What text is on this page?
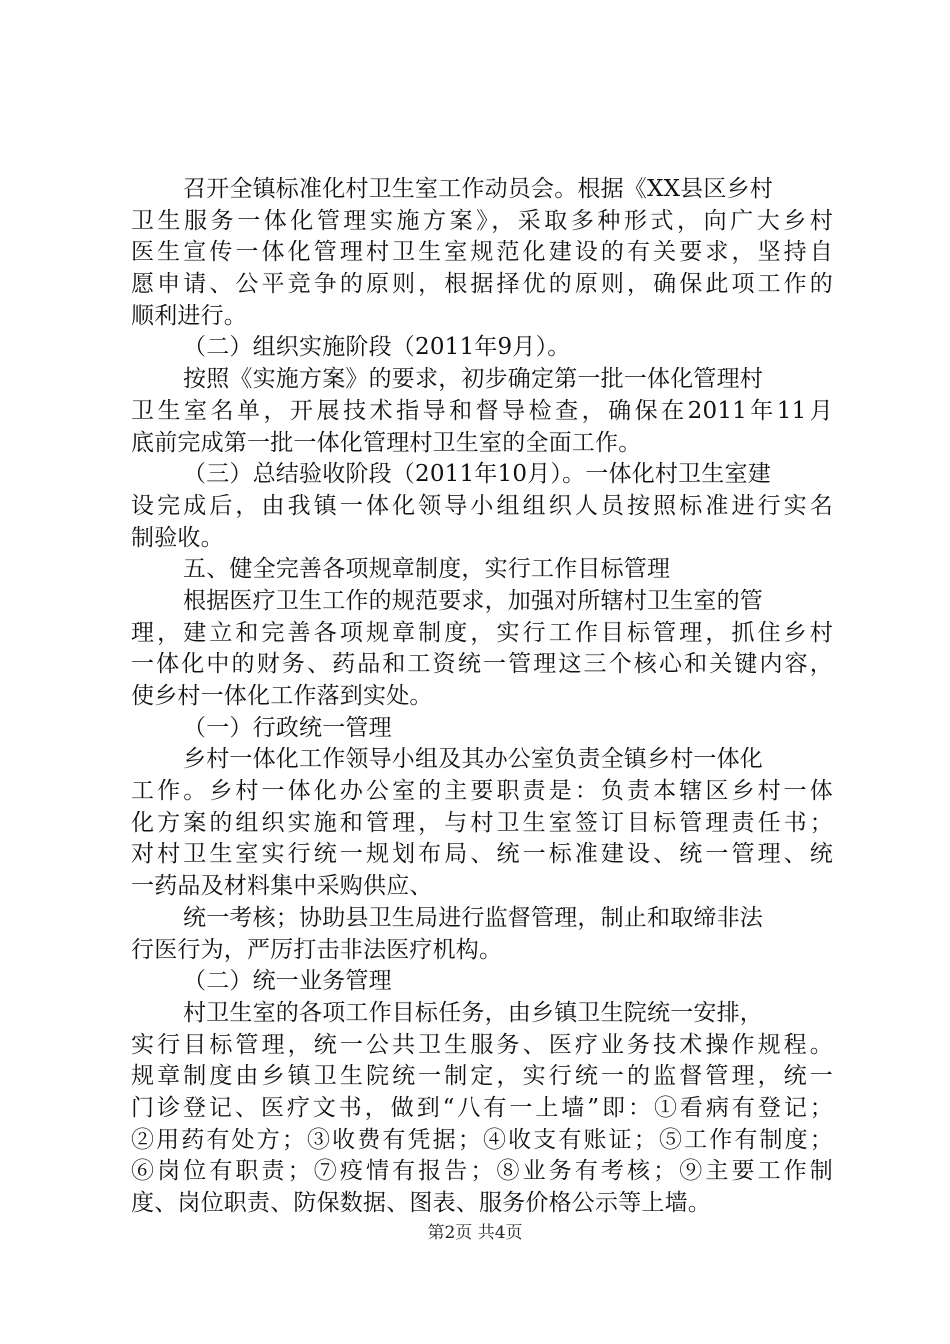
召开全镇标准化村卫生室工作动员会。根据《XX县区乡村
卫生服务一体化管理实施方案》，采取多种形式，向广大乡村
医生宣传一体化管理村卫生室规范化建设的有关要求，坚持自
愿申请、公平竞争的原则，根据择优的原则，确保此项工作的
顺利进行。
（二）组织实施阶段（2011年9月）。
按照《实施方案》的要求，初步确定第一批一体化管理村
卫生室名单，开展技术指导和督导检查，确保在2011年11月
底前完成第一批一体化管理村卫生室的全面工作。
（三）总结验收阶段（2011年10月）。一体化村卫生室建
设完成后，由我镇一体化领导小组组织人员按照标准进行实名
制验收。
五、健全完善各项规章制度，实行工作目标管理
根据医疗卫生工作的规范要求，加强对所辖村卫生室的管
理，建立和完善各项规章制度，实行工作目标管理，抓住乡村
一体化中的财务、药品和工资统一管理这三个核心和关键内容，
使乡村一体化工作落到实处。
（一）行政统一管理
乡村一体化工作领导小组及其办公室负责全镇乡村一体化
工作。乡村一体化办公室的主要职责是：负责本辖区乡村一体
化方案的组织实施和管理，与村卫生室签订目标管理责任书；
对村卫生室实行统一规划布局、统一标准建设、统一管理、统
一药品及材料集中采购供应、
统一考核；协助县卫生局进行监督管理，制止和取缔非法
行医行为，严厉打击非法医疗机构。
（二）统一业务管理
村卫生室的各项工作目标任务，由乡镇卫生院统一安排，
实行目标管理，统一公共卫生服务、医疗业务技术操作规程。
规章制度由乡镇卫生院统一制定，实行统一的监督管理，统一
门诊登记、医疗文书，做到“八有一上墙”即：①看病有登记；
②用药有处方；③收费有凭据；④收支有账证；⑤工作有制度；
⑥岗位有职责；⑦疫情有报告；⑧业务有考核；⑨主要工作制
度、岗位职责、防保数据、图表、服务价格公示等上墙。
第2页 共4页
